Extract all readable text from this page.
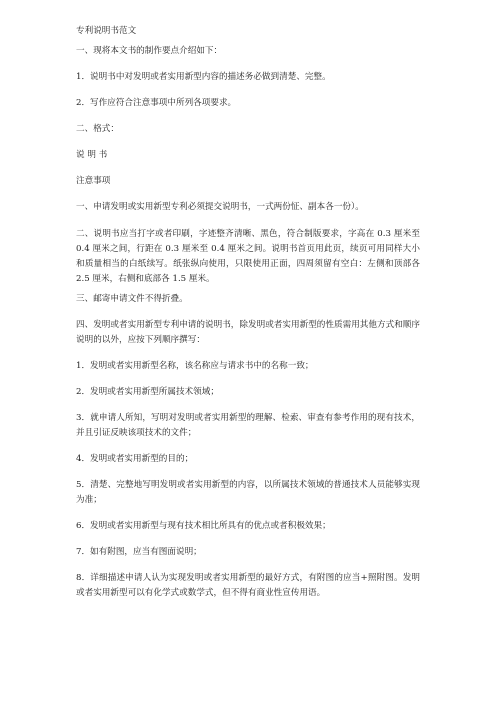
专利说明书范文
一、现将本文书的制作要点介绍如下：
1．说明书中对发明或者实用新型内容的描述务必做到清楚、完整。
2．写作应符合注意事项中所列各项要求。
二、格式：
说 明 书
注意事项
一、申请发明或实用新型专利必须提交说明书，一式两份怔、副本各一份）。
二、说明书应当打字或者印刷，字迹整齐清晰、黑色，符合制版要求，字高在 0.3 厘米至 0.4 厘米之间，行距在 0.3 厘米至 0.4 厘米之间。说明书首页用此页，续页可用同样大小和质量相当的白纸续写。纸张纵向使用，只限使用正面，四周须留有空白：左侧和顶部各 2.5 厘米，右侧和底部各 1.5 厘米。
三、邮寄申请文件不得折叠。
四、发明或者实用新型专利申请的说明书，除发明或者实用新型的性质需用其他方式和顺序说明的以外，应按下列顺序撰写：
1．发明或者实用新型名称，该名称应与请求书中的名称一致；
2．发明或者实用新型所属技术领域；
3．就申请人所知，写明对发明或者实用新型的理解、检索、审查有参考作用的现有技术，并且引证反映该项技术的文件；
4．发明或者实用新型的目的；
5．清楚、完整地写明发明或者实用新型的内容，以所属技术领域的普通技术人员能够实现为准；
6．发明或者实用新型与现有技术相比所具有的优点或者积极效果；
7．如有附图，应当有图面说明；
8．详细描述申请人认为实现发明或者实用新型的最好方式，有附图的应当+照附图。发明或者实用新型可以有化学式或数学式，但不得有商业性宣传用语。
